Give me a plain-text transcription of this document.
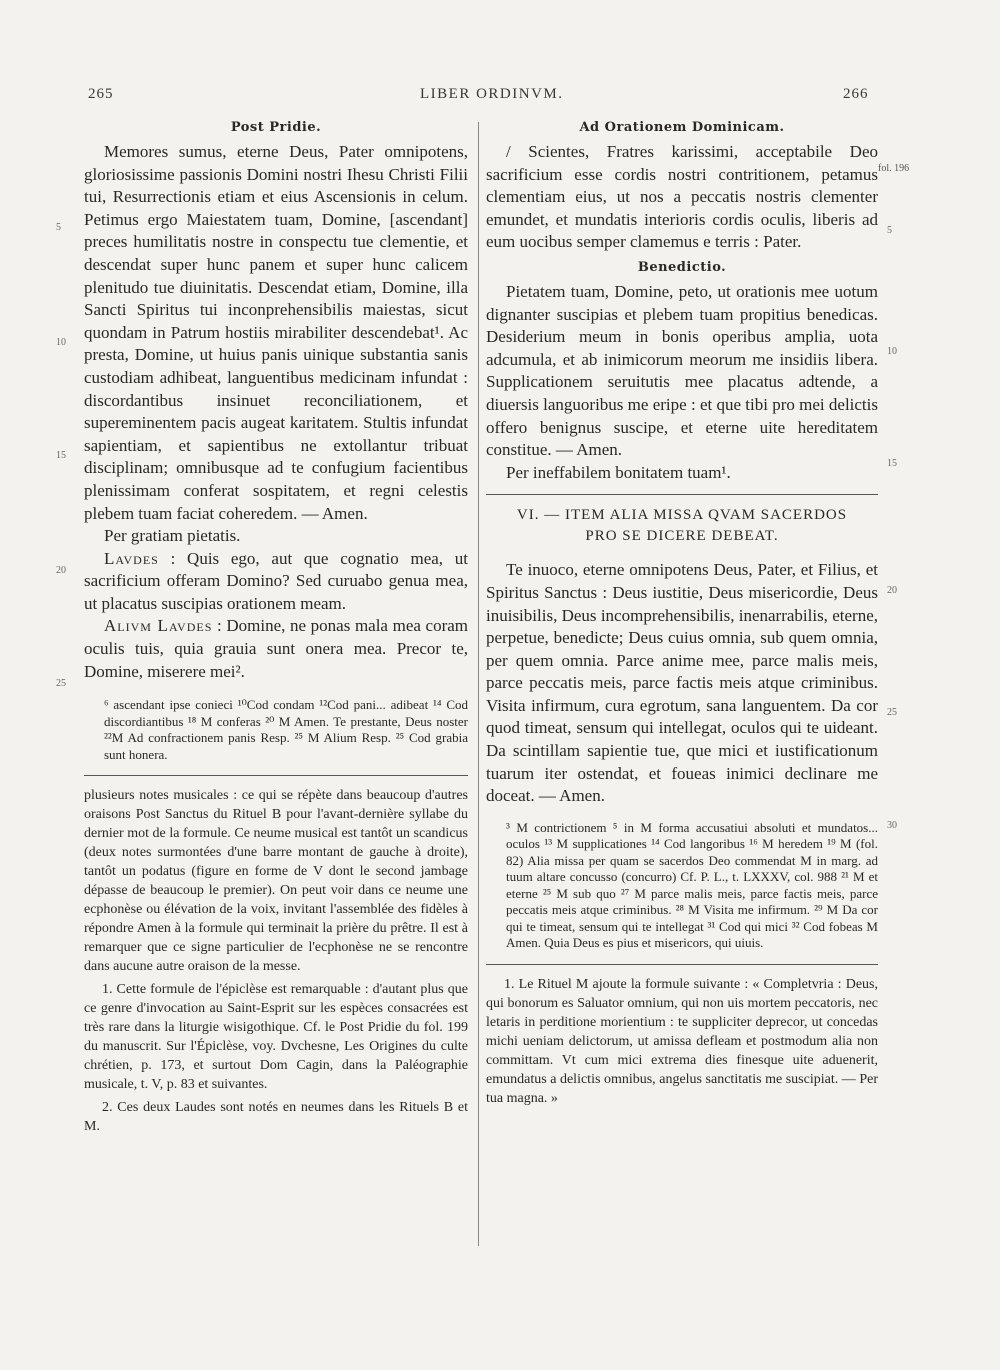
265	LIBER ORDINVM.	266
5
10
15
20
25
fol. 196
5
10
15
20
25
30

Post Pridie.

Memores sumus, eterne Deus, Pater omnipotens, gloriosissime passionis Domini nostri Ihesu Christi Filii tui, Resurrectionis etiam et eius Ascensionis in celum. Petimus ergo Maiestatem tuam, Domine, [ascendant] preces humilitatis nostre in conspectu tue clementie, et descendat super hunc panem et super hunc calicem plenitudo tue diuinitatis. Descendat etiam, Domine, illa Sancti Spiritus tui inconprehensibilis maiestas, sicut quondam in Patrum hostiis mirabiliter descendebat¹. Ac presta, Domine, ut huius panis uinique substantia sanis custodiam adhibeat, languentibus medicinam infundat : discordantibus insinuet reconciliationem, et supereminentem pacis augeat karitatem. Stultis infundat sapientiam, et sapientibus ne extollantur tribuat disciplinam; omnibusque ad te confugium facientibus plenissimam conferat sospitatem, et regni celestis plebem tuam faciat coheredem. — Amen.

Per gratiam pietatis.

Lavdes : Quis ego, aut que cognatio mea, ut sacrificium offeram Domino? Sed curuabo genua mea, ut placatus suscipias orationem meam.

Alivm Lavdes : Domine, ne ponas mala mea coram oculis tuis, quia grauia sunt onera mea. Precor te, Domine, miserere mei².

⁶ ascendant ipse conieci ¹⁰Cod condam ¹²Cod pani... adibeat ¹⁴ Cod discordiantibus ¹⁸ M conferas ²⁰ M Amen. Te prestante, Deus noster ²²M Ad confractionem panis Resp. ²⁵ M Alium Resp. ²⁵ Cod grabia sunt honera.

plusieurs notes musicales : ce qui se répète dans beaucoup d'autres oraisons Post Sanctus du Rituel B pour l'avant-dernière syllabe du dernier mot de la formule. Ce neume musical est tantôt un scandicus (deux notes surmontées d'une barre montant de gauche à droite), tantôt un podatus (figure en forme de V dont le second jambage dépasse de beaucoup le premier). On peut voir dans ce neume une ecphonèse ou élévation de la voix, invitant l'assemblée des fidèles à répondre Amen à la formule qui terminait la prière du prêtre. Il est à remarquer que ce signe particulier de l'ecphonèse ne se rencontre dans aucune autre oraison de la messe.

1. Cette formule de l'épiclèse est remarquable : d'autant plus que ce genre d'invocation au Saint-Esprit sur les espèces consacrées est très rare dans la liturgie wisigothique. Cf. le Post Pridie du fol. 199 du manuscrit. Sur l'Épiclèse, voy. Dvchesne, Les Origines du culte chrétien, p. 173, et surtout Dom Cagin, dans la Paléographie musicale, t. V, p. 83 et suivantes.

2. Ces deux Laudes sont notés en neumes dans les Rituels B et M.

Ad Orationem Dominicam.

/ Scientes, Fratres karissimi, acceptabile Deo sacrificium esse cordis nostri contritionem, petamus clementiam eius, ut nos a peccatis nostris clementer emundet, et mundatis interioris cordis oculis, liberis ad eum uocibus semper clamemus e terris : Pater.

Benedictio.

Pietatem tuam, Domine, peto, ut orationis mee uotum dignanter suscipias et plebem tuam propitius benedicas. Desiderium meum in bonis operibus amplia, uota adcumula, et ab inimicorum meorum me insidiis libera. Supplicationem seruitutis mee placatus adtende, a diuersis languoribus me eripe : et que tibi pro mei delictis offero benignus suscipe, et eterne uite hereditatem constitue. — Amen.

Per ineffabilem bonitatem tuam¹.

VI. — ITEM ALIA MISSA QVAM SACERDOS

PRO SE DICERE DEBEAT.

Te inuoco, eterne omnipotens Deus, Pater, et Filius, et Spiritus Sanctus : Deus iustitie, Deus misericordie, Deus inuisibilis, Deus incomprehensibilis, inenarrabilis, eterne, perpetue, benedicte; Deus cuius omnia, sub quem omnia, per quem omnia. Parce anime mee, parce malis meis, parce peccatis meis, parce factis meis atque criminibus. Visita infirmum, cura egrotum, sana languentem. Da cor quod timeat, sensum qui intellegat, oculos qui te uideant. Da scintillam sapientie tue, que mici et iustificationum tuarum iter ostendat, et foueas inimici declinare me doceat. — Amen.

³ M contrictionem ⁵ in M forma accusatiui absoluti et mundatos... oculos ¹³ M supplicationes ¹⁴ Cod langoribus ¹⁶ M heredem ¹⁹ M (fol. 82) Alia missa per quam se sacerdos Deo commendat M in marg. ad tuum altare concusso (concurro) Cf. P. L., t. LXXXV, col. 988 ²¹ M et eterne ²⁵ M sub quo ²⁷ M parce malis meis, parce factis meis, parce peccatis meis atque criminibus. ²⁸ M Visita me infirmum. ²⁹ M Da cor qui te timeat, sensum qui te intellegat ³¹ Cod qui mici ³² Cod fobeas M Amen. Quia Deus es pius et misericors, qui uiuis.

1. Le Rituel M ajoute la formule suivante : « Completvria : Deus, qui bonorum es Saluator omnium, qui non uis mortem peccatoris, nec letaris in perditione morientium : te suppliciter deprecor, ut concedas michi ueniam delictorum, ut amissa defleam et postmodum alia non committam. Vt cum mici extrema dies finesque uite aduenerit, emundatus a delictis omnibus, angelus sanctitatis me suscipiat. — Per tua magna. »
